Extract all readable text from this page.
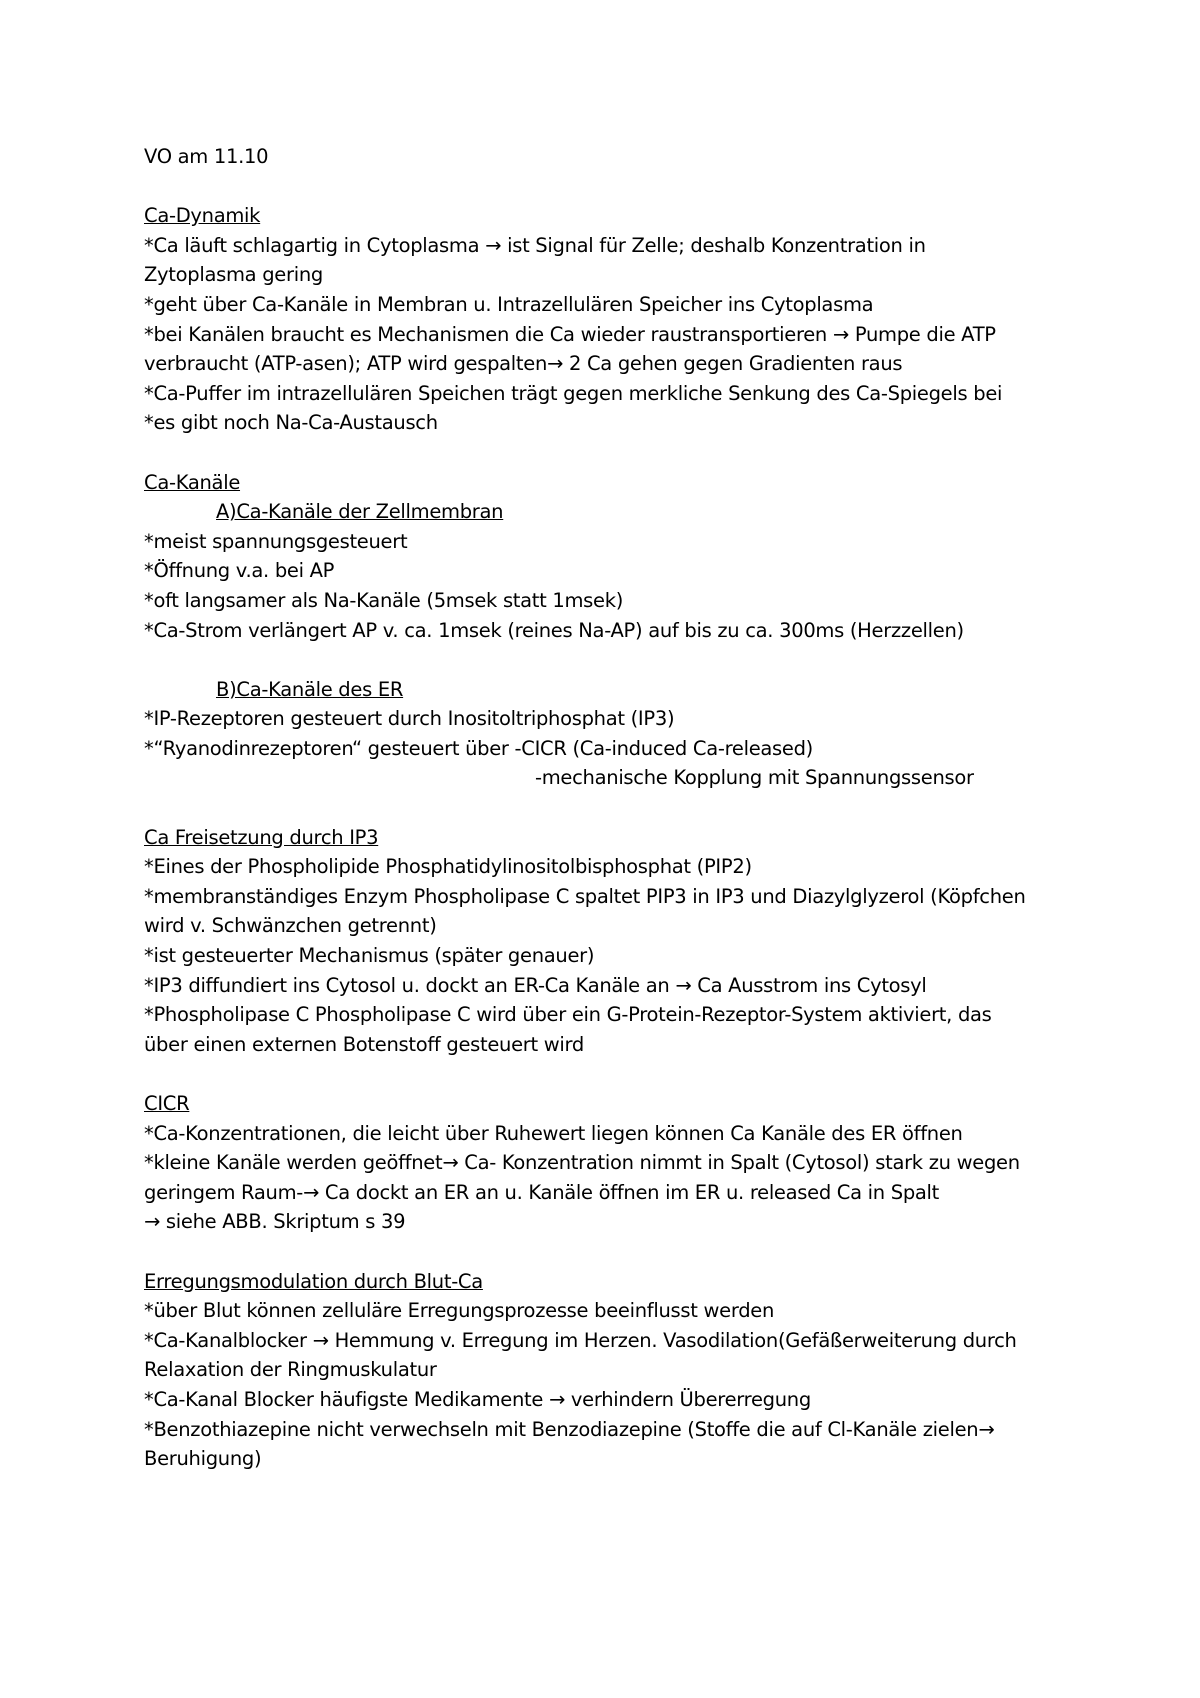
VO am 11.10
Ca-Dynamik
*Ca läuft schlagartig in Cytoplasma → ist Signal für Zelle; deshalb Konzentration in
Zytoplasma gering
*geht über Ca-Kanäle in Membran u. Intrazellulären Speicher ins Cytoplasma
*bei Kanälen braucht es Mechanismen die Ca wieder raustransportieren → Pumpe die ATP
verbraucht (ATP-asen); ATP wird gespalten→ 2 Ca gehen gegen Gradienten raus
*Ca-Puffer im intrazellulären Speichen trägt gegen merkliche Senkung des Ca-Spiegels bei
*es gibt noch Na-Ca-Austausch
Ca-Kanäle
A)Ca-Kanäle der Zellmembran
*meist spannungsgesteuert
*Öffnung v.a. bei AP
*oft langsamer als Na-Kanäle (5msek statt 1msek)
*Ca-Strom verlängert AP v. ca. 1msek (reines Na-AP) auf bis zu ca. 300ms (Herzzellen)
B)Ca-Kanäle des ER
*IP-Rezeptoren gesteuert durch Inositoltriphosphat (IP3)
*“Ryanodinrezeptoren“ gesteuert über -CICR (Ca-induced Ca-released)
-mechanische Kopplung mit Spannungssensor
Ca Freisetzung durch IP3
*Eines der Phospholipide Phosphatidylinositolbisphosphat (PIP2)
*membranständiges Enzym Phospholipase C spaltet PIP3 in IP3 und Diazylglyzerol (Köpfchen
wird v. Schwänzchen getrennt)
*ist gesteuerter Mechanismus (später genauer)
*IP3 diffundiert ins Cytosol u. dockt an ER-Ca Kanäle an → Ca Ausstrom ins Cytosyl
*Phospholipase C Phospholipase C wird über ein G-Protein-Rezeptor-System aktiviert, das
über einen externen Botenstoff gesteuert wird
CICR
*Ca-Konzentrationen, die leicht über Ruhewert liegen können Ca Kanäle des ER öffnen
*kleine Kanäle werden geöffnet→ Ca- Konzentration nimmt in Spalt (Cytosol) stark zu wegen
geringem Raum-→ Ca dockt an ER an u. Kanäle öffnen im ER u. released Ca in Spalt
→ siehe ABB. Skriptum s 39
Erregungsmodulation durch Blut-Ca
*über Blut können zelluläre Erregungsprozesse beeinflusst werden
*Ca-Kanalblocker → Hemmung v. Erregung im Herzen. Vasodilation(Gefäßerweiterung durch
Relaxation der Ringmuskulatur
*Ca-Kanal Blocker häufigste Medikamente → verhindern Übererregung
*Benzothiazepine nicht verwechseln mit Benzodiazepine (Stoffe die auf Cl-Kanäle zielen→
Beruhigung)
